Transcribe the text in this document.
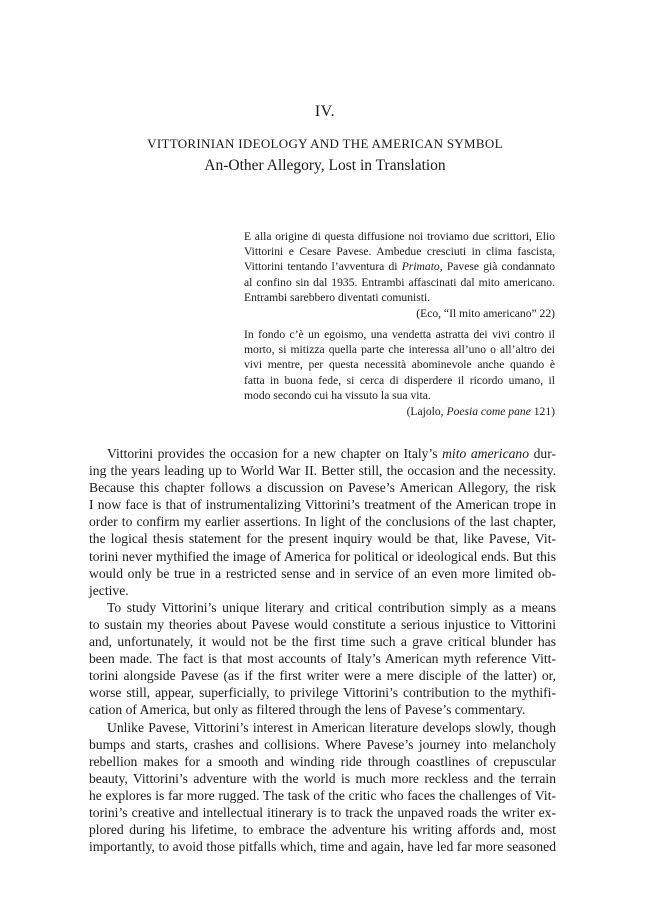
IV.
VITTORINIAN IDEOLOGY AND THE AMERICAN SYMBOL
An-Other Allegory, Lost in Translation
E alla origine di questa diffusione noi troviamo due scrittori, Elio
Vittorini e Cesare Pavese. Ambedue cresciuti in clima fascista,
Vittorini tentando l’avventura di Primato, Pavese già condannato
al confino sin dal 1935. Entrambi affascinati dal mito americano.
Entrambi sarebbero diventati comunisti.
(Eco, “Il mito americano” 22)
In fondo c’è un egoismo, una vendetta astratta dei vivi contro il
morto, si mitizza quella parte che interessa all’uno o all’altro dei
vivi mentre, per questa necessità abominevole anche quando è
fatta in buona fede, si cerca di disperdere il ricordo umano, il
modo secondo cui ha vissuto la sua vita.
(Lajolo, Poesia come pane 121)
Vittorini provides the occasion for a new chapter on Italy’s mito americano dur-
ing the years leading up to World War II. Better still, the occasion and the necessity.
Because this chapter follows a discussion on Pavese’s American Allegory, the risk
I now face is that of instrumentalizing Vittorini’s treatment of the American trope in
order to confirm my earlier assertions. In light of the conclusions of the last chapter,
the logical thesis statement for the present inquiry would be that, like Pavese, Vit-
torini never mythified the image of America for political or ideological ends. But this
would only be true in a restricted sense and in service of an even more limited ob-
jective.
To study Vittorini’s unique literary and critical contribution simply as a means
to sustain my theories about Pavese would constitute a serious injustice to Vittorini
and, unfortunately, it would not be the first time such a grave critical blunder has
been made. The fact is that most accounts of Italy’s American myth reference Vitt-
torini alongside Pavese (as if the first writer were a mere disciple of the latter) or,
worse still, appear, superficially, to privilege Vittorini’s contribution to the mythifi-
cation of America, but only as filtered through the lens of Pavese’s commentary.
Unlike Pavese, Vittorini’s interest in American literature develops slowly, though
bumps and starts, crashes and collisions. Where Pavese’s journey into melancholy
rebellion makes for a smooth and winding ride through coastlines of crepuscular
beauty, Vittorini’s adventure with the world is much more reckless and the terrain
he explores is far more rugged. The task of the critic who faces the challenges of Vit-
torini’s creative and intellectual itinerary is to track the unpaved roads the writer ex-
plored during his lifetime, to embrace the adventure his writing affords and, most
importantly, to avoid those pitfalls which, time and again, have led far more seasoned
